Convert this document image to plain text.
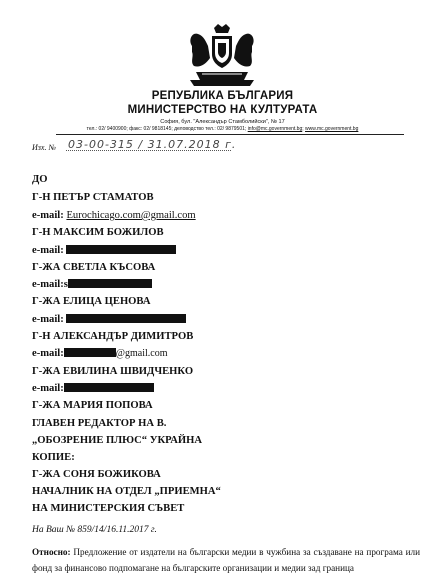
РЕПУБЛИКА БЪЛГАРИЯ
МИНИСТЕРСТВО НА КУЛТУРАТА
София, бул. "Александър Стамболийски", № 17
тел.: 02/ 9400900; факс: 02/ 9818145; деловодство тел.: 02/ 9879501; info@mc.government.bg; www.mc.government.bg
Изх. № 03-00-315 / 31.07.2018 г.
ДО
Г-Н ПЕТЪР СТАМАТОВ
e-mail: Eurochicago.com@gmail.com
Г-Н МАКСИМ БОЖИЛОВ
e-mail:
Г-ЖА СВЕТЛА КЪСОВА
e-mail:s
Г-ЖА ЕЛИЦА ЦЕНОВА
e-mail:
Г-Н АЛЕКСАНДЪР ДИМИТРОВ
e-mail:	@gmail.com
Г-ЖА ЕВИЛИНА ШВИДЧЕНКО
e-mail:
Г-ЖА МАРИЯ ПОПОВА
ГЛАВЕН РЕДАКТОР НА В.
„ОБОЗРЕНИЕ ПЛЮС“ УКРАЙНА
КОПИЕ:
Г-ЖА СОНЯ БОЖИКОВА
НАЧАЛНИК НА ОТДЕЛ „ПРИЕМНА“
НА МИНИСТЕРСКИЯ СЪВЕТ
На Ваш № 859/14/16.11.2017 г.
Относно: Предложение от издатели на български медии в чужбина за създаване на програма или фонд за финансово подпомагане на българските организации и медии зад граница
